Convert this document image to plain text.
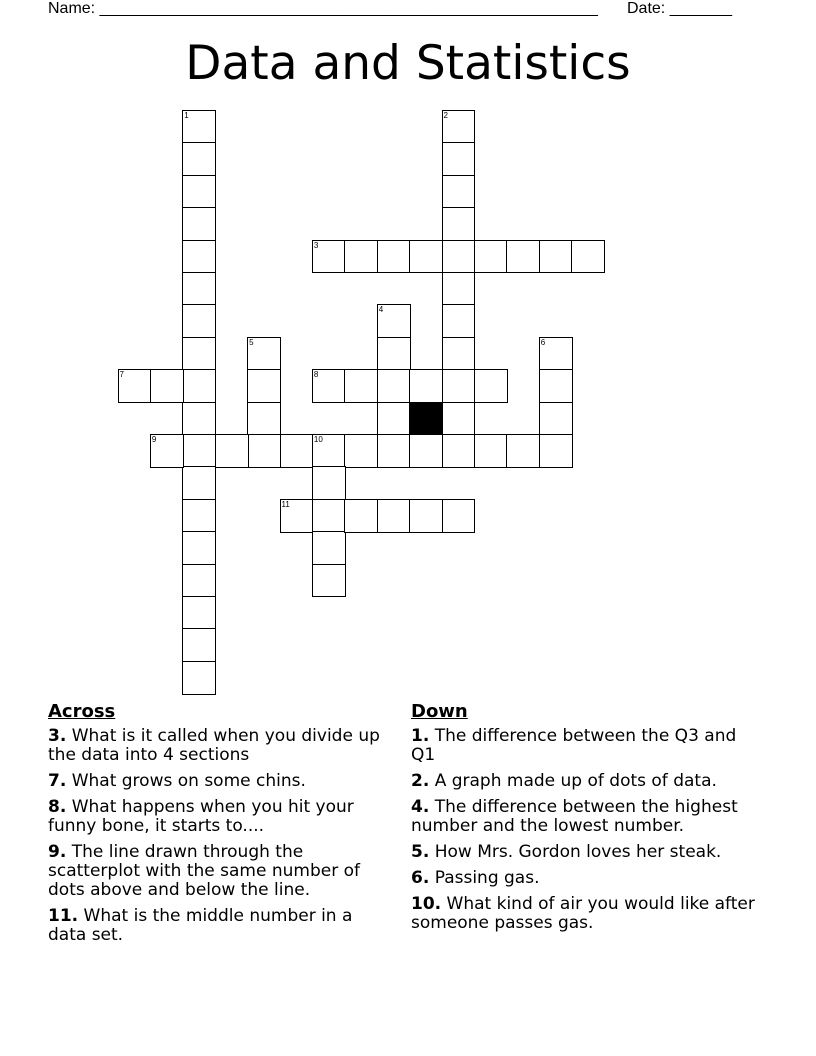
Name: ________________________________________________________ Date: _______
Data and Statistics
1	2
3
4
5	6
7	8
9	10
11
Across
3. What is it called when you divide up the data into 4 sections
7. What grows on some chins.
8. What happens when you hit your funny bone, it starts to....
9. The line drawn through the scatterplot with the same number of dots above and below the line.
11. What is the middle number in a data set.
Down
1. The difference between the Q3 and Q1
2. A graph made up of dots of data.
4. The difference between the highest number and the lowest number.
5. How Mrs. Gordon loves her steak.
6. Passing gas.
10. What kind of air you would like after someone passes gas.
